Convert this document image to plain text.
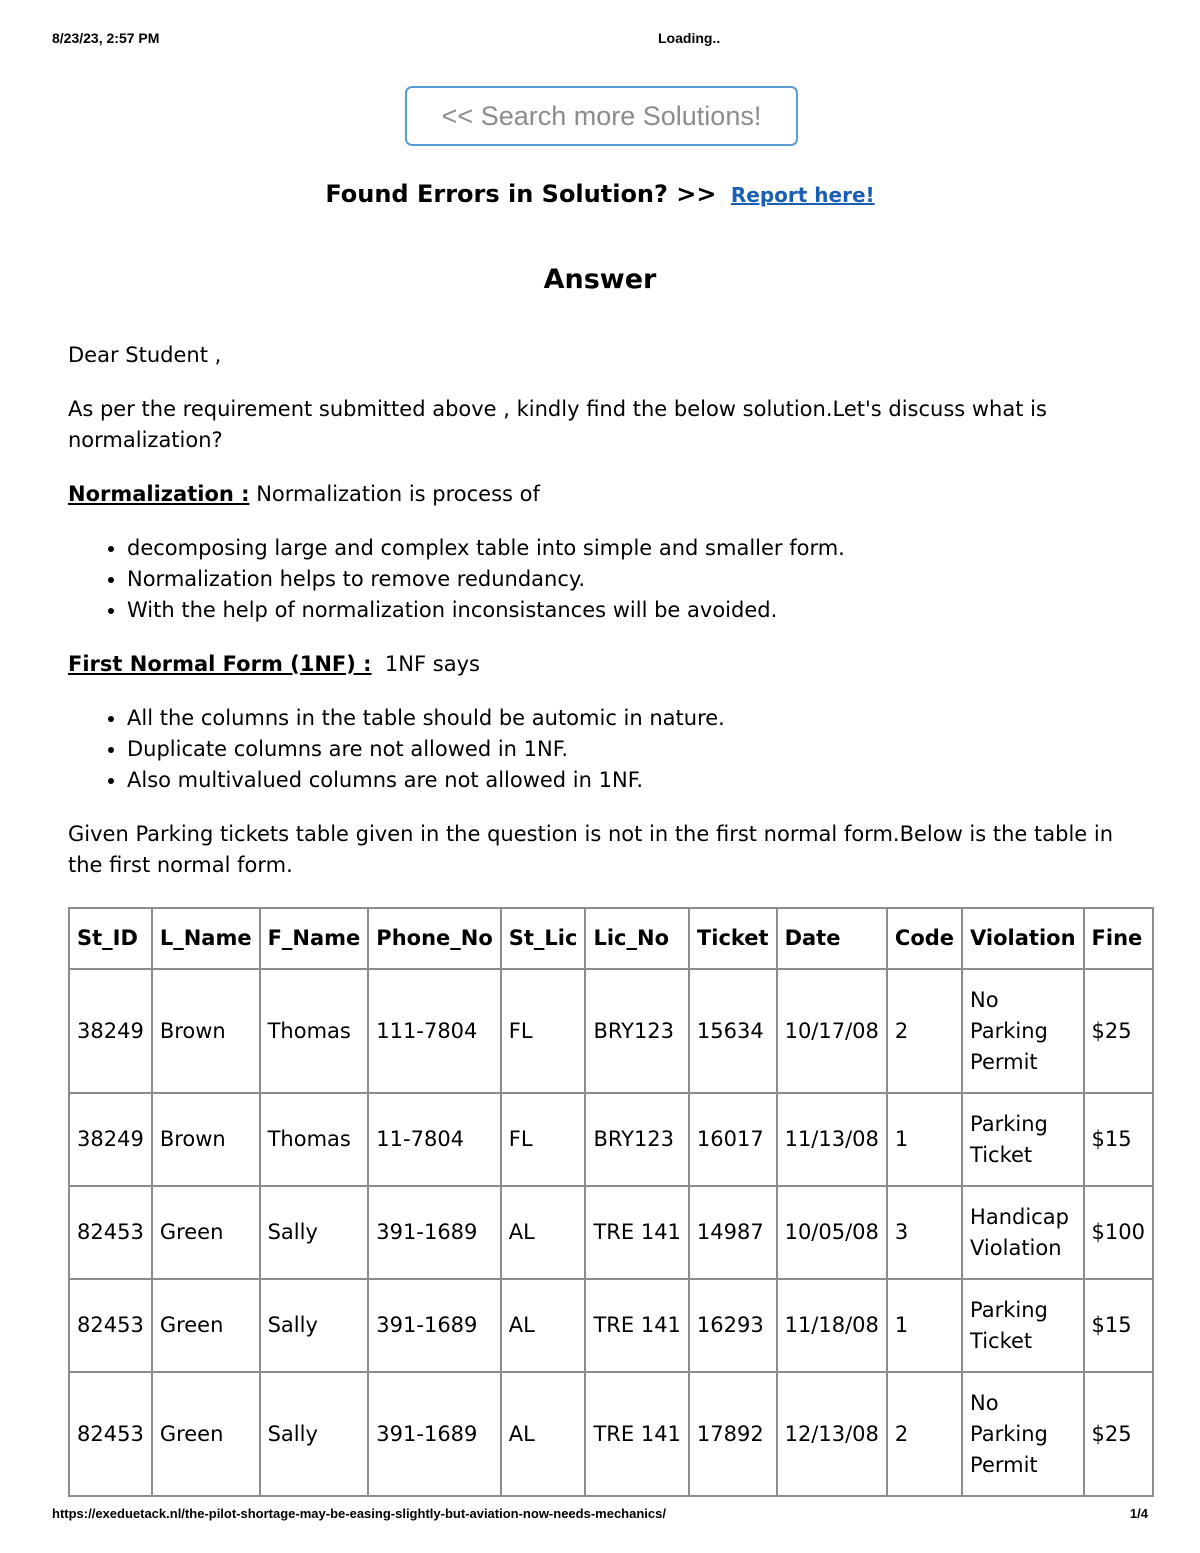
8/23/23, 2:57 PM	Loading..
<< Search more Solutions!
Found Errors in Solution? >> Report here!
Answer

Dear Student ,

As per the requirement submitted above , kindly find the below solution.Let's discuss what is normalization?

Normalization : Normalization is process of

• decomposing large and complex table into simple and smaller form.
• Normalization helps to remove redundancy.
• With the help of normalization inconsistances will be avoided.

First Normal Form (1NF) :  1NF says

• All the columns in the table should be automic in nature.
• Duplicate columns are not allowed in 1NF.
• Also multivalued columns are not allowed in 1NF.

Given Parking tickets table given in the question is not in the first normal form.Below is the table in the first normal form.

St_ID	L_Name	F_Name	Phone_No	St_Lic	Lic_No	Ticket	Date	Code	Violation	Fine
38249	Brown	Thomas	111-7804	FL	BRY123	15634	10/17/08	2	No Parking Permit	$25
38249	Brown	Thomas	11-7804	FL	BRY123	16017	11/13/08	1	Parking Ticket	$15
82453	Green	Sally	391-1689	AL	TRE 141	14987	10/05/08	3	Handicap Violation	$100
82453	Green	Sally	391-1689	AL	TRE 141	16293	11/18/08	1	Parking Ticket	$15
82453	Green	Sally	391-1689	AL	TRE 141	17892	12/13/08	2	No Parking Permit	$25
https://exeduetack.nl/the-pilot-shortage-may-be-easing-slightly-but-aviation-now-needs-mechanics/	1/4
